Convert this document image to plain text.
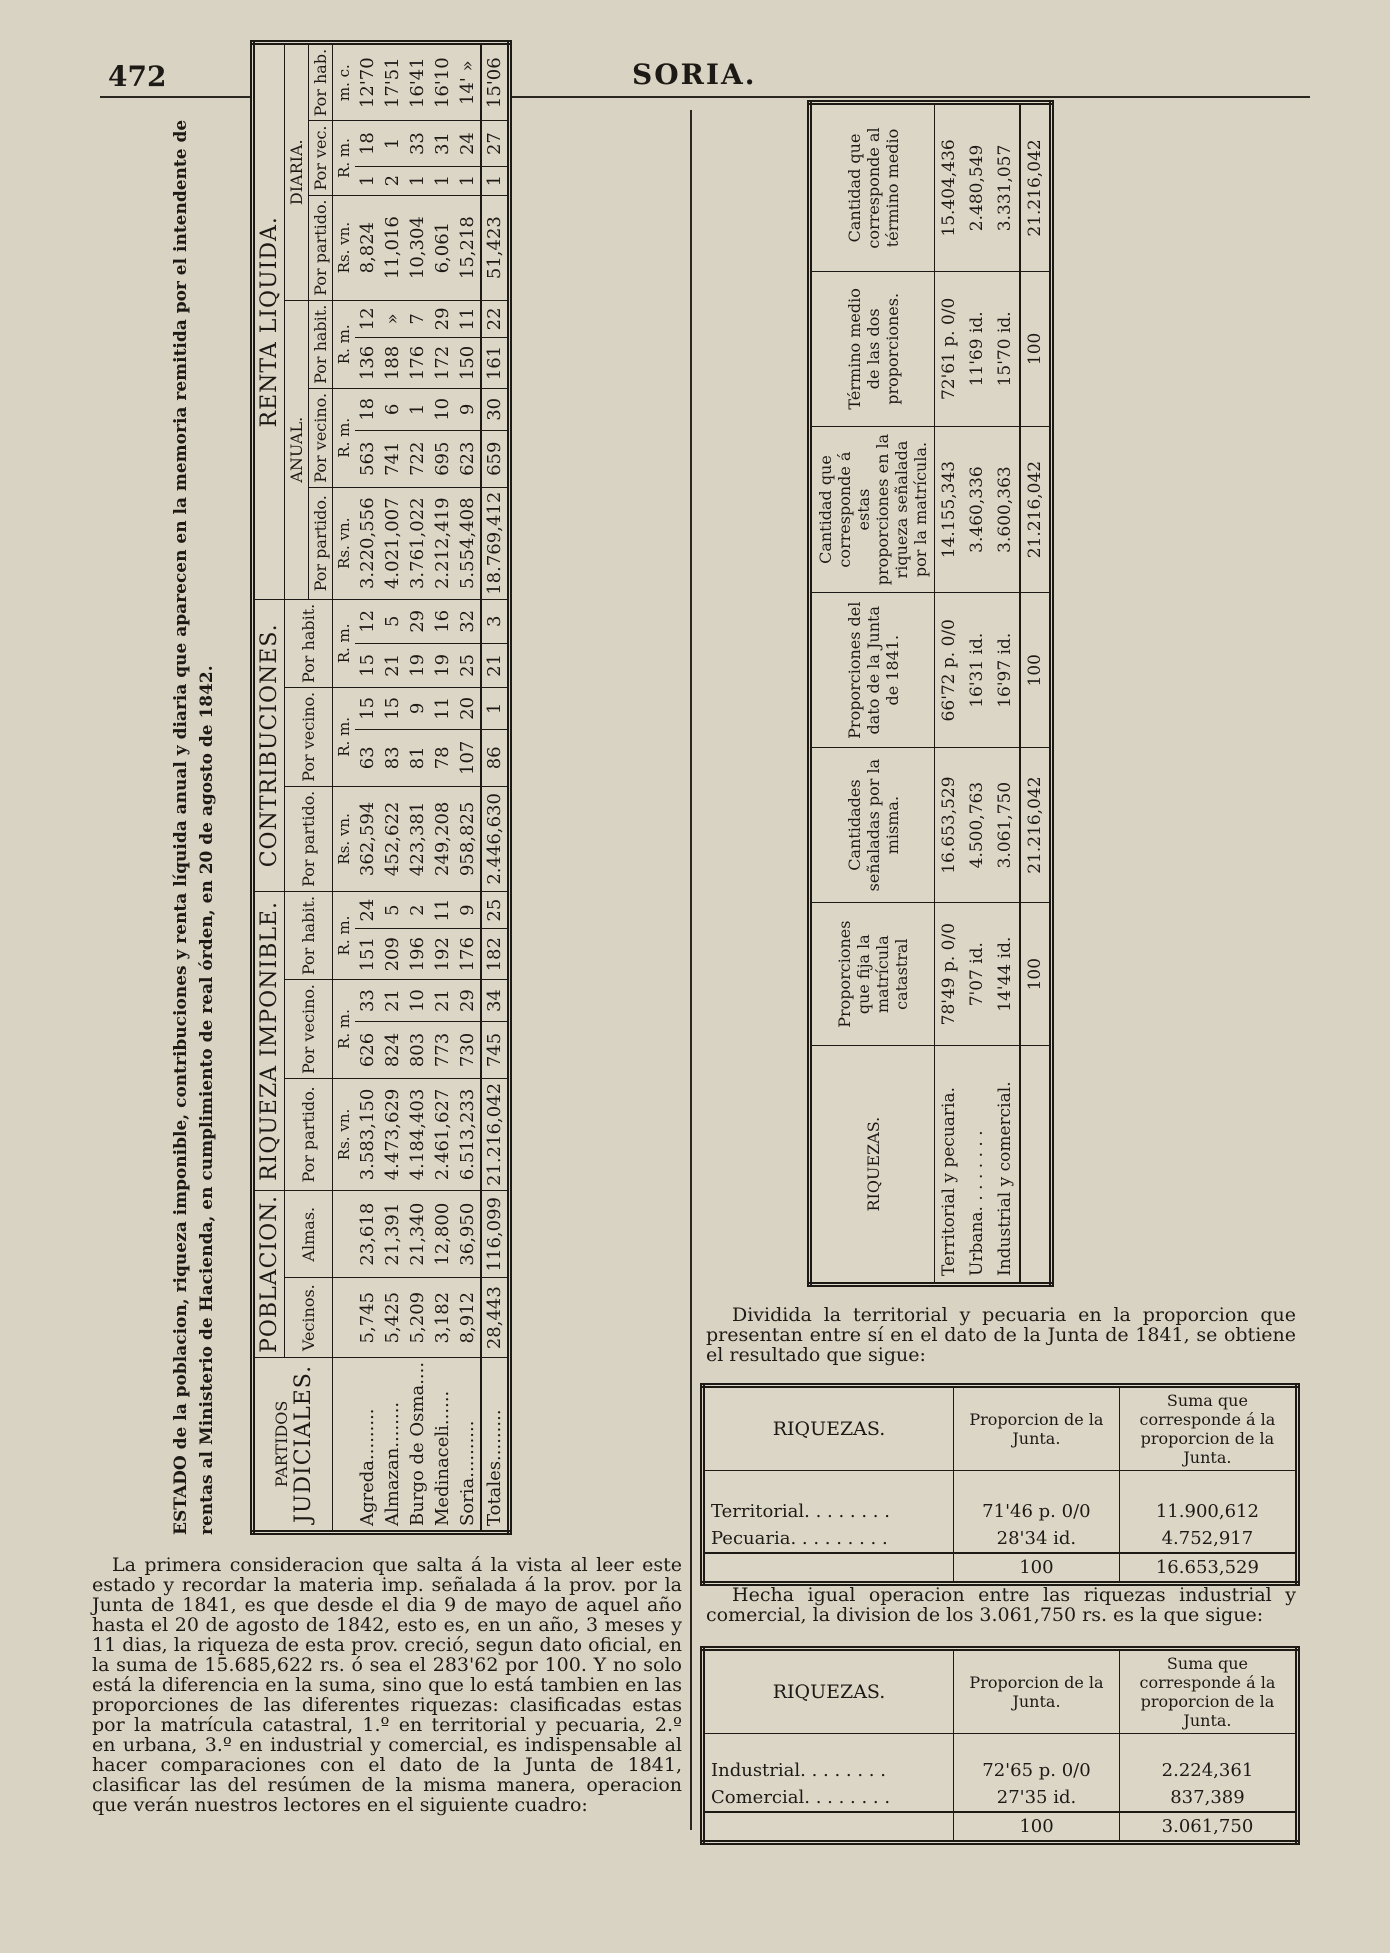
472	SORIA.
ESTADO de la poblacion, riqueza imponible, contribuciones y renta líquida anual y diaria que aparecen en la memoria remitida por el intendente de rentas al Ministerio de Hacienda, en cumplimiento de real órden, en 20 de agosto de 1842.	PARTIDOS JUDICIALES.	POBLACION.		RIQUEZA IMPONIBLE.					CONTRIBUCIONES.					RENTA LIQUIDA.								
	Vecinos.	Almas.	Por partido.	Por vecino.		Por habit.		Por partido.	Por vecino.		Por habit.		ANUAL.					DIARIA.			
													Por partido.	Por vecino.		Por habit.		Por partido.	Por vec.		Por hab.
			Rs. vn.	R. m.		R. m.		Rs. vn.	R. m.		R. m.		Rs. vn.	R. m.		R. m.		Rs. vn.	R. m.		m. c.
Agreda.........	5,745	23,618	3.583,150	626	33	151	24	362,594	63	15	15	12	3.220,556	563	18	136	12	8,824	1	18	12'70
Almazan........	5,425	21,391	4.473,629	824	21	209	5	452,622	83	15	21	5	4.021,007	741	6	188	»	11,016	2	1	17'51
Burgo de Osma....	5,209	21,340	4.184,403	803	10	196	2	423,381	81	9	19	29	3.761,022	722	1	176	7	10,304	1	33	16'41
Medinaceli......	3,182	12,800	2.461,627	773	21	192	11	249,208	78	11	19	16	2.212,419	695	10	172	29	6,061	1	31	16'10
Soria..........	8,912	36,950	6.513,233	730	29	176	9	958,825	107	20	25	32	5.554,408	623	9	150	11	15,218	1	24	14' »
Totales.........	28,443	116,099	21.216,042	745	34	182	25	2.446,630	86	1	21	3	18.769,412	659	30	161	22	51,423	1	27	15'06
RIQUEZAS.	Proporciones que fija la matrícula catastral	Cantidades señaladas por la misma.	Proporciones del dato de la Junta de 1841.	Cantidad que corresponde á estas proporciones en la riqueza señalada por la matrícula.	Término medio de las dos proporciones.	Cantidad que corresponde al término medio
Territorial y pecuaria.	78'49 p. 0/0	16.653,529	66'72 p. 0/0	14.155,343	72'61 p. 0/0	15.404,436
Urbana. . . . . . . .	7'07 id.	4.500,763	16'31 id.	3.460,336	11'69 id.	2.480,549
Industrial y comercial.	14'44 id.	3.061,750	16'97 id.	3.600,363	15'70 id.	3.331,057
	100	21.216,042	100	21.216,042	100	21.216,042
La primera consideracion que salta á la vista al leer este estado y recordar la materia imp. señalada á la prov. por la Junta de 1841, es que desde el dia 9 de mayo de aquel año hasta el 20 de agosto de 1842, esto es, en un año, 3 meses y 11 dias, la riqueza de esta prov. creció, segun dato oficial, en la suma de 15.685,622 rs. ó sea el 283'62 por 100. Y no solo está la diferencia en la suma, sino que lo está tambien en las proporciones de las diferentes riquezas: clasificadas estas por la matrícula catastral, 1.º en territorial y pecuaria, 2.º en urbana, 3.º en industrial y comercial, es indispensable al hacer comparaciones con el dato de la Junta de 1841, clasificar las del resúmen de la misma manera, operacion que verán nuestros lectores en el siguiente cuadro:
Dividida la territorial y pecuaria en la proporcion que presentan entre sí en el dato de la Junta de 1841, se obtiene el resultado que sigue:
RIQUEZAS.	Proporcion de la Junta.	Suma que corresponde á la proporcion de la Junta.
Territorial. . . . . . . .	71'46 p. 0/0	11.900,612
Pecuaria. . . . . . . . .	28'34 id.	4.752,917
	100	16.653,529
Hecha igual operacion entre las riquezas industrial y comercial, la division de los 3.061,750 rs. es la que sigue:
RIQUEZAS.	Proporcion de la Junta.	Suma que corresponde á la proporcion de la Junta.
Industrial. . . . . . . .	72'65 p. 0/0	2.224,361
Comercial. . . . . . . .	27'35 id.	837,389
	100	3.061,750
